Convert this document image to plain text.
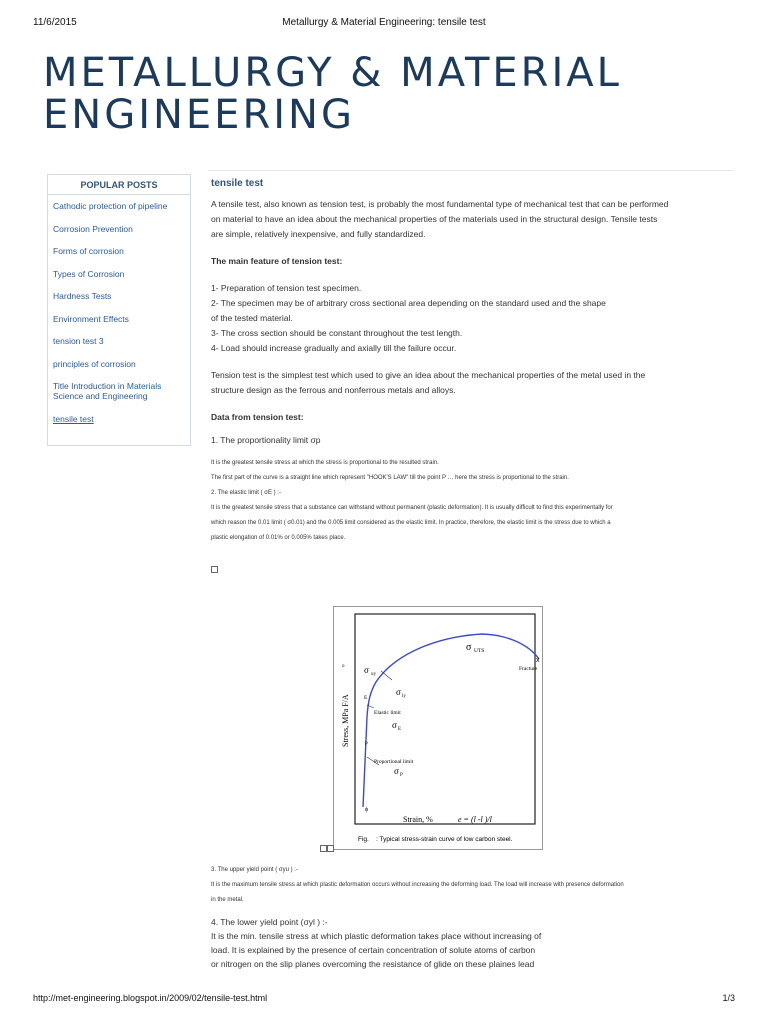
11/6/2015	Metallurgy & Material Engineering: tensile test
METALLURGY & MATERIAL
ENGINEERING
POPULAR POSTS
Cathodic protection of pipeline
Corrosion Prevention
Forms of corrosion
Types of Corrosion
Hardness Tests
Environment Effects
tension test 3
principles of corrosion
Title Introduction in Materials Science and Engineering
tensile test
tensile test

A tensile test, also known as tension test, is probably the most fundamental type of mechanical test that can be performed

on material to have an idea about the mechanical properties of the materials used in the structural design. Tensile tests

are simple, relatively inexpensive, and fully standardized.

The main feature of tension test:

1- Preparation of tension test specimen.

2- The specimen may be of arbitrary cross sectional area depending on the standard used and the shape

of the tested material.

3- The cross section should be constant throughout the test length.

4- Load should increase gradually and axially till the failure occur.

Tension test is the simplest test which used to give an idea about the mechanical properties of the metal used in the

structure design as the ferrous and nonferrous metals and alloys.

Data from tension test:

1. The proportionality limit σp

It is the greatest tensile stress at which the stress is proportional to the resulted strain.

The first part of the curve is a straight line which represent "HOOK'S LAW" till the point P … here the stress is proportional to the strain.

2. The elastic limit ( σE ) :-

It is the greatest tensile stress that a substance can withstand without permanent (plastic deformation). It is usually difficult to find this experimentally for

which reason the 0.01 limit ( σ0.01) and the 0.005 limit considered as the elastic limit. In practice, therefore, the elastic limit is the stress due to which a

plastic elongation of 0.01% or 0.005% takes place.

Stress, MPa F/A
o
Strain, %	e = (l -l )/l
σ UTS
x
Fracture
σ uy
σ ly
E
Elastic limit
σ E
P
Proportional limit
σ P
ϕ
Fig. : Typical stress-strain curve of low carbon steel.

3. The upper yield point ( σyu ) :-

It is the maximum tensile stress at which plastic deformation occurs without increasing the deforming load. The load will increase with presence deformation

in the metal.

4. The lower yield point (σyl ) :-

It is the min. tensile stress at which plastic deformation takes place without increasing of

load. It is explained by the presence of certain concentration of solute atoms of carbon

or nitrogen on the slip planes overcoming the resistance of glide on these plaines lead

http://met-engineering.blogspot.in/2009/02/tensile-test.html	1/3
